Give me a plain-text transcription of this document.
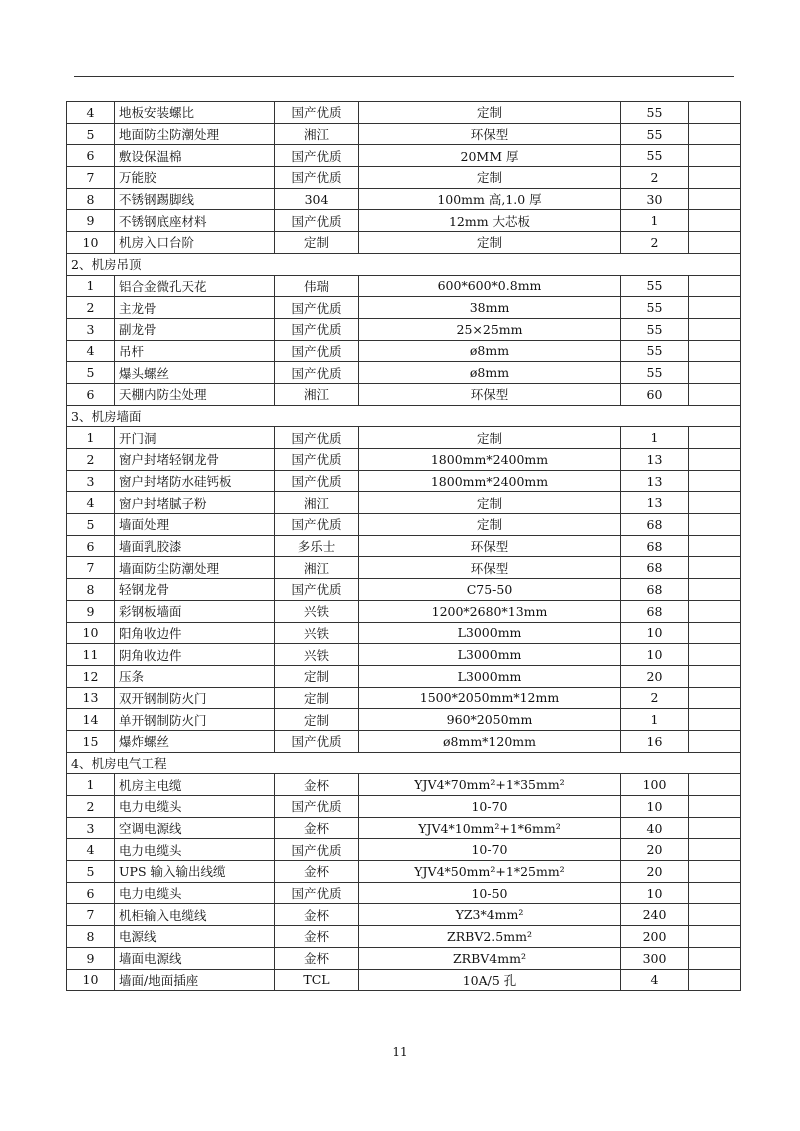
4	地板安装螺比	国产优质	定制	55	
5	地面防尘防潮处理	湘江	环保型	55	
6	敷设保温棉	国产优质	20MM 厚	55	
7	万能胶	国产优质	定制	2	
8	不锈钢踢脚线	304	100mm 高,1.0 厚	30	
9	不锈钢底座材料	国产优质	12mm 大芯板	1	
10	机房入口台阶	定制	定制	2	
2、机房吊顶					
1	铝合金微孔天花	伟瑞	600*600*0.8mm	55	
2	主龙骨	国产优质	38mm	55	
3	副龙骨	国产优质	25×25mm	55	
4	吊杆	国产优质	ø8mm	55	
5	爆头螺丝	国产优质	ø8mm	55	
6	天棚内防尘处理	湘江	环保型	60	
3、机房墙面					
1	开门洞	国产优质	定制	1	
2	窗户封堵轻钢龙骨	国产优质	1800mm*2400mm	13	
3	窗户封堵防水硅钙板	国产优质	1800mm*2400mm	13	
4	窗户封堵腻子粉	湘江	定制	13	
5	墙面处理	国产优质	定制	68	
6	墙面乳胶漆	多乐士	环保型	68	
7	墙面防尘防潮处理	湘江	环保型	68	
8	轻钢龙骨	国产优质	C75-50	68	
9	彩钢板墙面	兴铁	1200*2680*13mm	68	
10	阳角收边件	兴铁	L3000mm	10	
11	阴角收边件	兴铁	L3000mm	10	
12	压条	定制	L3000mm	20	
13	双开钢制防火门	定制	1500*2050mm*12mm	2	
14	单开钢制防火门	定制	960*2050mm	1	
15	爆炸螺丝	国产优质	ø8mm*120mm	16	
4、机房电气工程					
1	机房主电缆	金杯	YJV4*70mm²+1*35mm²	100	
2	电力电缆头	国产优质	10-70	10	
3	空调电源线	金杯	YJV4*10mm²+1*6mm²	40	
4	电力电缆头	国产优质	10-70	20	
5	UPS 输入输出线缆	金杯	YJV4*50mm²+1*25mm²	20	
6	电力电缆头	国产优质	10-50	10	
7	机柜输入电缆线	金杯	YZ3*4mm²	240	
8	电源线	金杯	ZRBV2.5mm²	200	
9	墙面电源线	金杯	ZRBV4mm²	300	
10	墙面/地面插座	TCL	10A/5 孔	4	
11
